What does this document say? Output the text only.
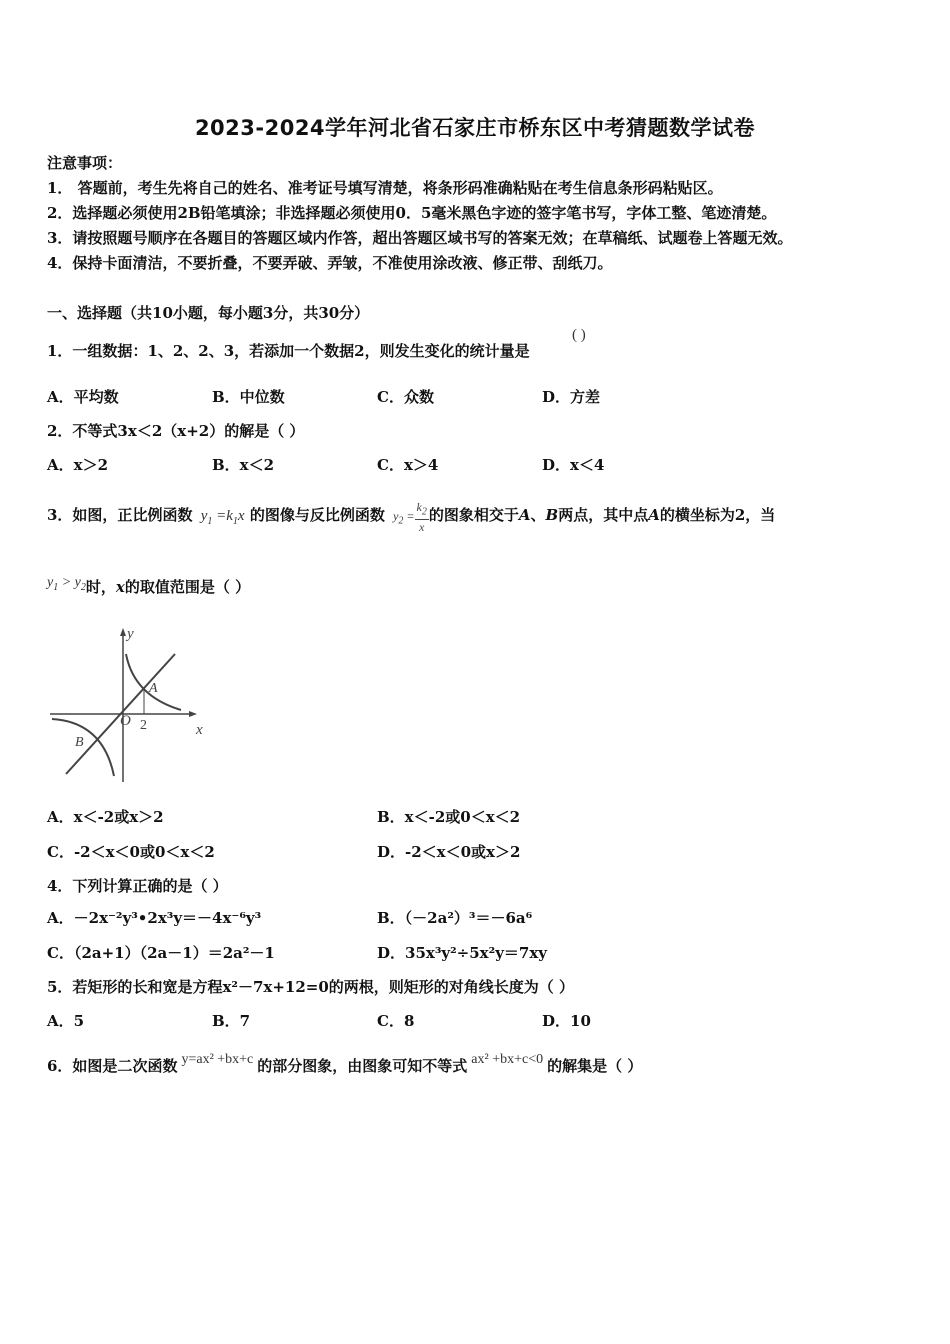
2023-2024学年河北省石家庄市桥东区中考猜题数学试卷
注意事项：
1． 答题前，考生先将自己的姓名、准考证号填写清楚，将条形码准确粘贴在考生信息条形码粘贴区。
2．选择题必须使用2B铅笔填涂；非选择题必须使用0．5毫米黑色字迹的签字笔书写，字体工整、笔迹清楚。
3．请按照题号顺序在各题目的答题区域内作答，超出答题区域书写的答案无效；在草稿纸、试题卷上答题无效。
4．保持卡面清洁，不要折叠，不要弄破、弄皱，不准使用涂改液、修正带、刮纸刀。
一、选择题（共10小题，每小题3分，共30分）
1．一组数据：1、2、2、3，若添加一个数据2，则发生变化的统计量是
( )
A．平均数	B．中位数	C．众数	D．方差
2．不等式3x＜2（x+2）的解是（ ）
A．x＞2	B．x＜2	C．x＞4	D．x＜4
3．如图，正比例函数 $y_1 =k_1x$ 的图像与反比例函数 $y_2 = \frac{k_2}{x}$ 的图象相交于A、B两点，其中点A的横坐标为2，当
$y_1 > y_2$时，x的取值范围是（ ）
y
x
O
A
B
2
A．x＜-2或x＞2	B．x＜-2或0＜x＜2
C．-2＜x＜0或0＜x＜2	D．-2＜x＜0或x＞2
4．下列计算正确的是（ ）
A．－2x⁻²y³•2x³y＝－4x⁻⁶y³	B．（－2a²）³＝－6a⁶
C．（2a+1）（2a－1）＝2a²－1	D．35x³y²÷5x²y＝7xy
5．若矩形的长和宽是方程x²－7x+12=0的两根，则矩形的对角线长度为（ ）
A．5	B．7	C．8	D．10
6．如图是二次函数 y=ax² +bx+c 的部分图象，由图象可知不等式 ax² +bx+c<0 的解集是（ ）
